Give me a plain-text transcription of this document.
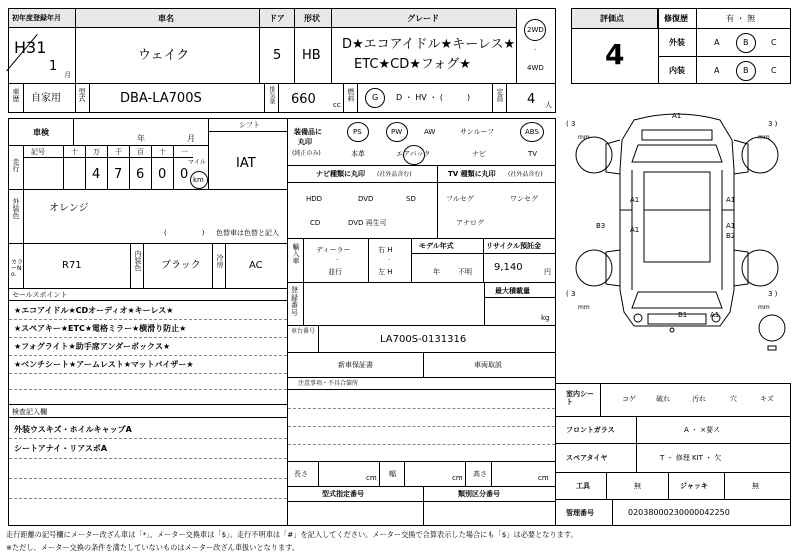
初年度登録年月	車名	ドア 形状	グレード
2WD
·
4WD
H31
1
月
ウェイク	5 HB
D★エコアイドル★キーレス★
ETC★CD★フォグ★
車歴 自家用 型式	DBA-LA700S	排気量 660 cc
燃料 G D ・ HV ・ (　　　)	定員 4 人
評価点
4
修復歴	有 ・ 無
外装	A	B	C
内装	A	B	C
車検
年	月
シフト
IAT
走行
記号	十 万 千 百 十 一
4 7 6 0 0
マイル
km
装備品に
丸印
(純正のみ)
PS	PW	AW	サンルーフ	ABS
本革	エアバック	ナビ	TV
ナビ種類に丸印 (社外品含む)
HDD	DVD	SD
CD	DVD 再生可
TV 種類に丸印 (社外品含む)
フルセグ	ワンセグ
アナログ
外装色	オレンジ
(　　　　　) 色替車は色替と記入
カラーNo.
R71	内装色 ブラック 冷房	AC
輸入車 ディーラー
·
並行
右 H
·
左 H
モデル年式
年	不明
リサイクル預託金
9,140	円
登録番号
最大積載量
kg
車台番号
LA700S-0131316
新車保証書	車両取説
セールスポイント
★エコアイドル★CDオーディオ★キーレス★
★スペアキー★ETC★電格ミラー★横滑り防止★
★フォグライト★助手席アンダーボックス★
★ベンチシート★アームレスト★マットバイザー★
検査記入欄
外装ウスキズ・ホイルキャップA
シートアナイ・リアスポA
注意事項・不具合箇所
長さ	cm 幅	cm 高さ	cm
型式指定番号	類別区分番号
( 3
mm
3 )
mm
( 3
mm
3 )
mm
A1
A1	A1
A1
B3	A1
B2
B1	A1
室内シート	コゲ	破れ	汚れ	穴	キズ
フロントガラス	A ・ ×要ス
スペアタイヤ	T ・ 修理 KIT ・ 欠
工具	無	ジャッキ	無
管理番号	02038000230000042250
走行距離の記号欄にメーター改ざん車は「*」、メーター交換車は「$」、走行不明車は「#」を記入してください。メーター交換で合算表示した場合にも「$」は必要となります。
※ただし、メーター交換の条件を満たしていないものはメーター改ざん車扱いとなります。
